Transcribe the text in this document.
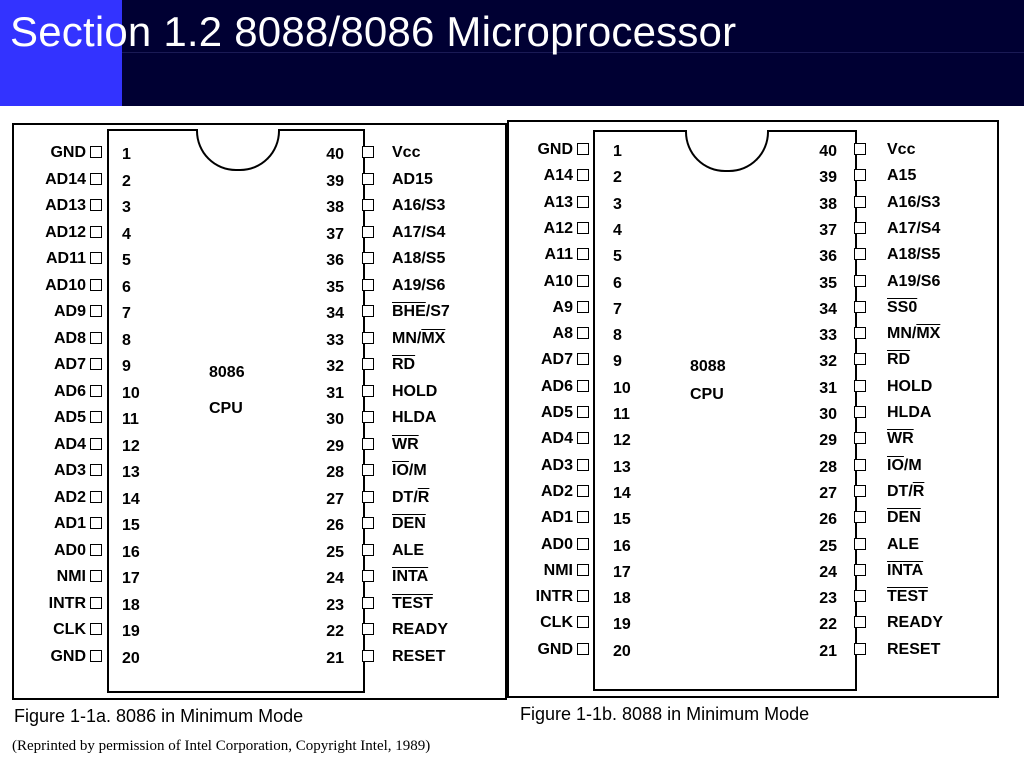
Section 1.2 8088/8086 Microprocessor
8086
CPU
GND 1
AD14 2
AD13 3
AD12 4
AD11 5
AD10 6
AD9 7
AD8 8
AD7 9
AD6 10
AD5 11
AD4 12
AD3 13
AD2 14
AD1 15
AD0 16
NMI 17
INTR 18
CLK 19
GND 20
40	Vcc
39	AD15
38	A16/S3
37	A17/S4
36	A18/S5
35	A19/S6
34	$\overline{BHE}/S7$
33	$MN/\overline{MX}$
32	$\overline{RD}$
31	HOLD
30	HLDA
29	$\overline{WR}$
28	$\overline{IO}/M$
27	$DT/\overline{R}$
26	$\overline{DEN}$
25	ALE
24	INTA
23	TEST
22	READY
21	RESET
8088
CPU
GND	1
A14	2
A13	3
A12	4
A11	5
A10	6
A9	7
A8	8
AD7	9
AD6	10
AD5	11
AD4	12
AD3	13
AD2	14
AD1	15
AD0	16
NMI	17
INTR	18
CLK	19
GND	20
40	Vcc
39	A15
38	A16/S3
37	A17/S4
36	A18/S5
35	A19/S6
34	SS0
33	$MN/\overline{MX}$
32	$\overline{RD}$
31	HOLD
30	HLDA
29	$\overline{WR}$
28	$\overline{IO}/M$
27	$DT/\overline{R}$
26	$\overline{DEN}$
25	ALE
24	INTA
23	TEST
22	READY
21	RESET
Figure 1-1a. 8086 in Minimum Mode	Figure 1-1b. 8088 in Minimum Mode
(Reprinted by permission of Intel Corporation, Copyright Intel, 1989)
